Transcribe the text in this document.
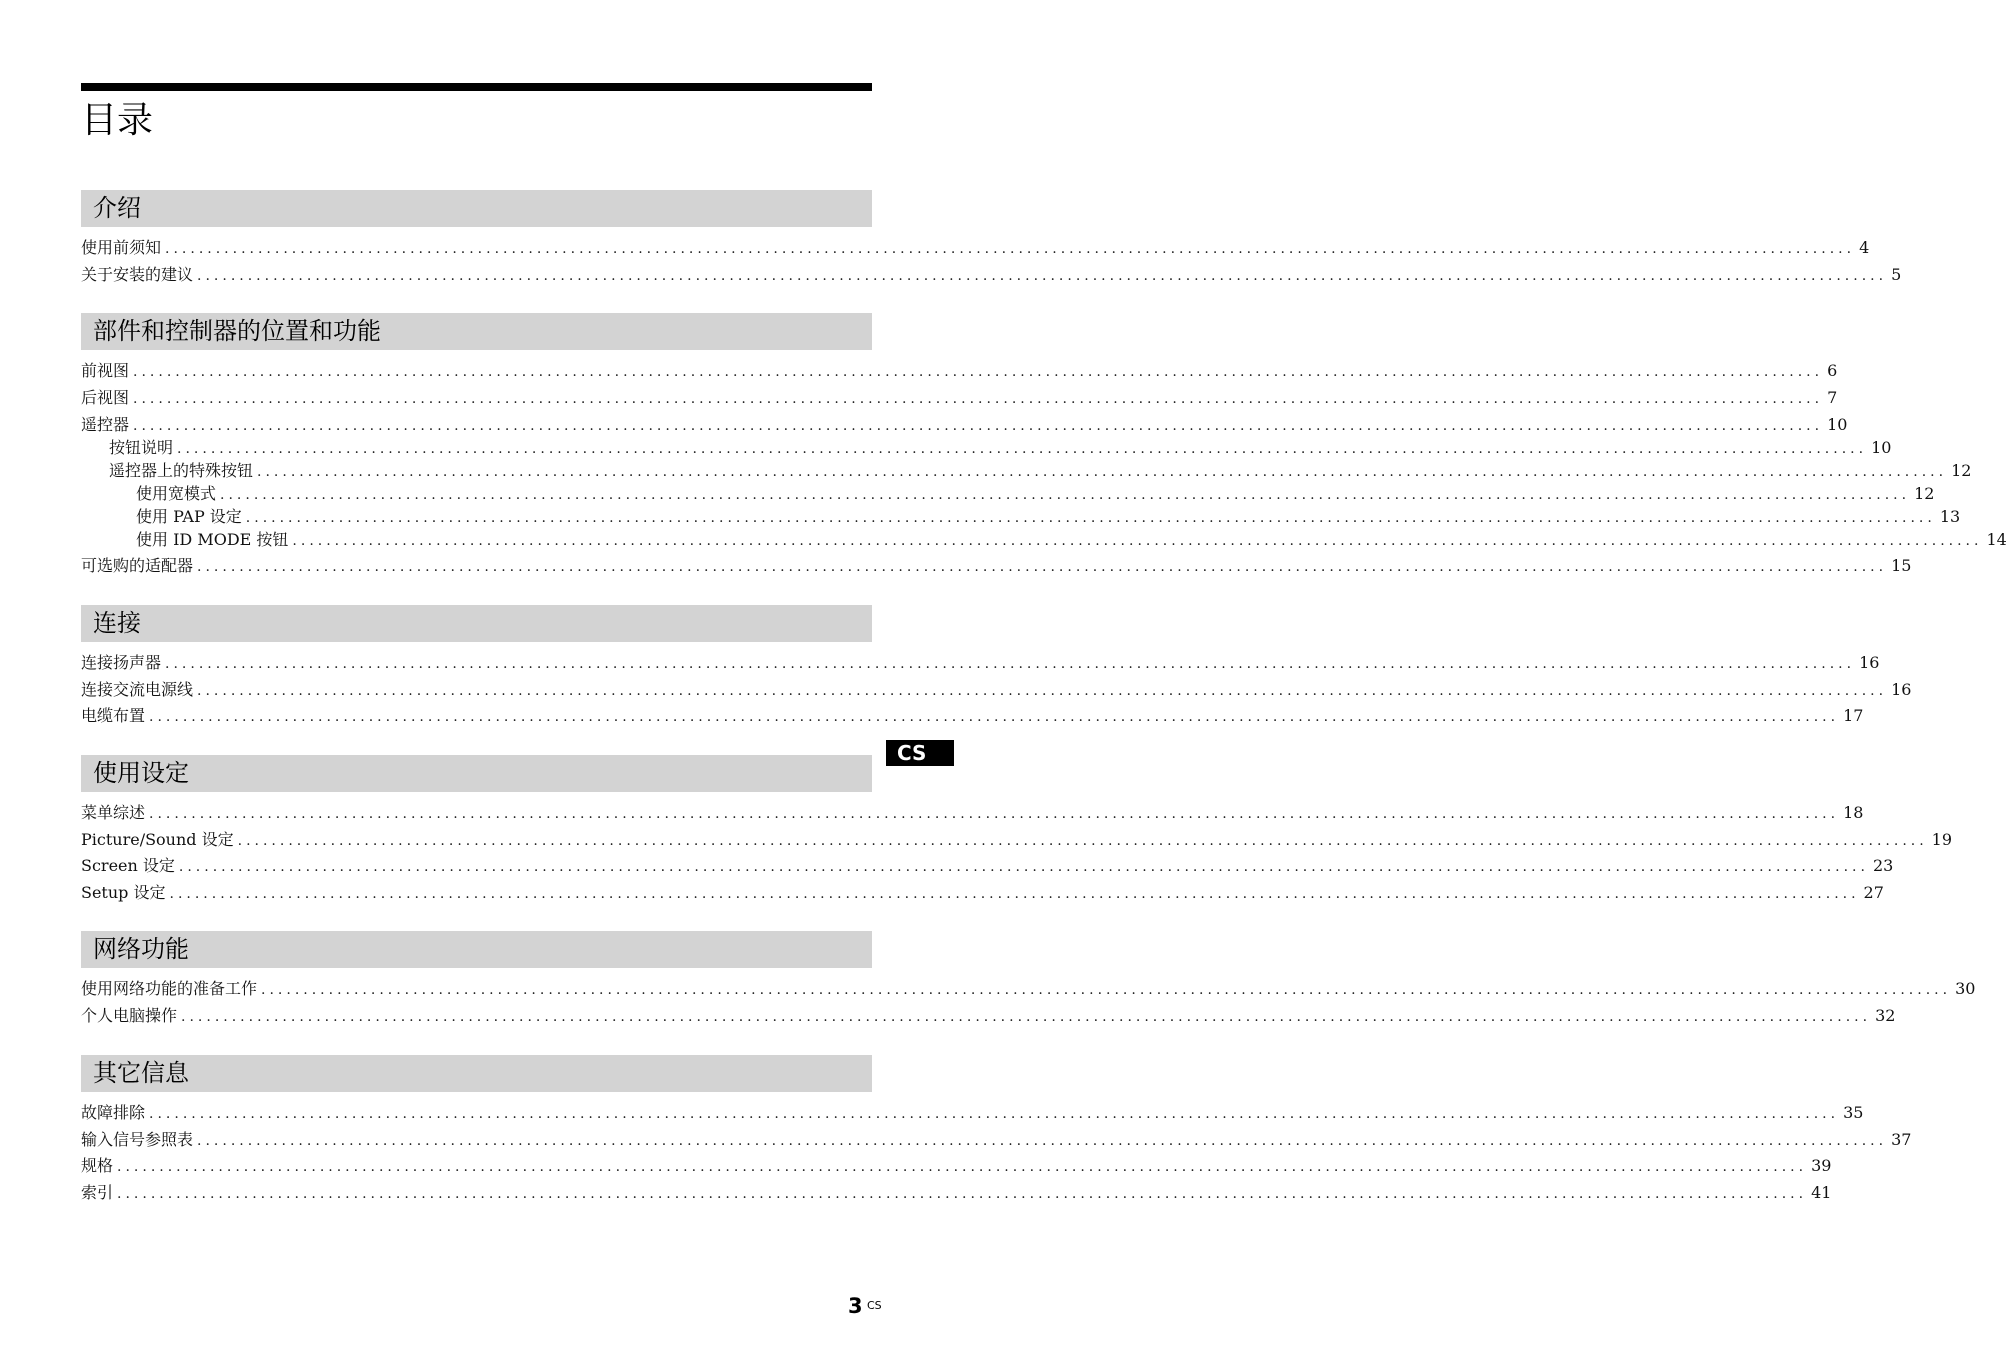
目录
介绍
使用前须知 ........................................................................................................................................................................................................ 4
关于安装的建议 ........................................................................................................................................................................................................ 5
部件和控制器的位置和功能
前视图 ........................................................................................................................................................................................................ 6
后视图 ........................................................................................................................................................................................................ 7
遥控器 ........................................................................................................................................................................................................ 10
按钮说明 ........................................................................................................................................................................................................ 10
遥控器上的特殊按钮 ........................................................................................................................................................................................................ 12
使用宽模式 ........................................................................................................................................................................................................ 12
使用 PAP 设定 ........................................................................................................................................................................................................ 13
使用 ID MODE 按钮 ........................................................................................................................................................................................................ 14
可选购的适配器 ........................................................................................................................................................................................................ 15
连接
连接扬声器 ........................................................................................................................................................................................................ 16
连接交流电源线 ........................................................................................................................................................................................................ 16
电缆布置 ........................................................................................................................................................................................................ 17
使用设定
菜单综述 ........................................................................................................................................................................................................ 18
Picture/Sound 设定 ........................................................................................................................................................................................................ 19
Screen 设定 ........................................................................................................................................................................................................ 23
Setup 设定 ........................................................................................................................................................................................................ 27
网络功能
使用网络功能的准备工作 ........................................................................................................................................................................................................ 30
个人电脑操作 ........................................................................................................................................................................................................ 32
其它信息
故障排除 ........................................................................................................................................................................................................ 35
输入信号参照表 ........................................................................................................................................................................................................ 37
规格 ........................................................................................................................................................................................................ 39
索引 ........................................................................................................................................................................................................ 41
CS
3 CS
